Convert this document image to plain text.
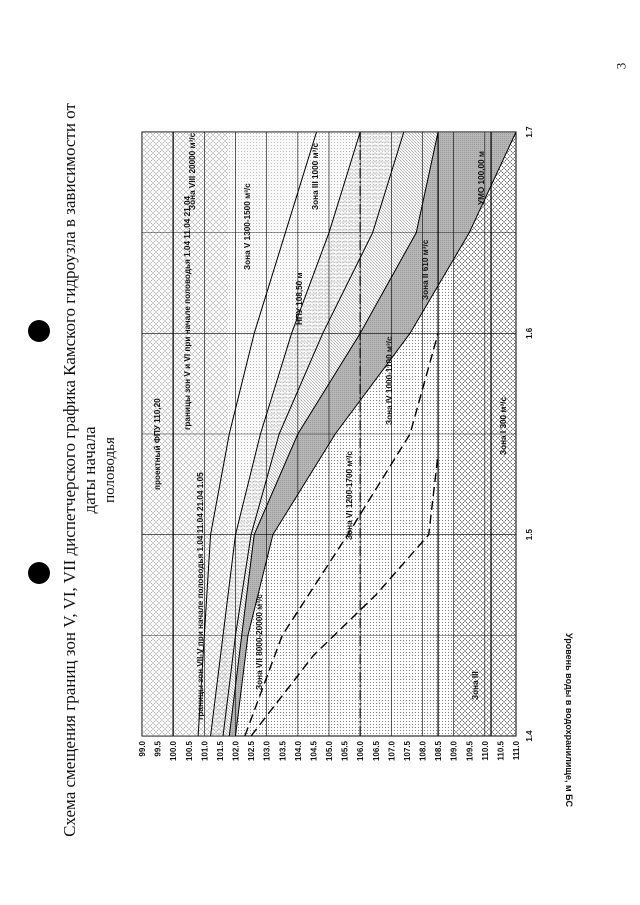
3
Схема смещения границ зон V, VI, VII диспетчерского графика Камского гидроузла в зависимости от даты начала половодья
111.0
110.5
110.0
109.5
109.0
108.5
108.0
107.5
107.0
106.5
106.0
105.5
105.0
104.5
104.0
103.5
103.0
102.5
102.0
101.5
101.0
100.5
100.0
99.5
99.0
1.4
1.5
1.6
1.7
Уровень воды в водохранилище, м БС
границы зон VII-V при начале половодья 1.04 11.04 21.04 1.05
границы зон V и VI при начале половодья 1.04 11.04 21.04
Зона VII 8000-20000 м³/с
Зона VI 1200-1700 м³/с
Зона V 1300-1500 м³/с
Зона IV 1000-1100 м³/с
Зона III 1000 м³/с
Зона III
Зона II 610 м³/с
Зона I 300 м³/с
Зона VIII 20000 м³/с
НПУ 108,50 м
проектный ФПУ 110,20
УМО 100,00 м
